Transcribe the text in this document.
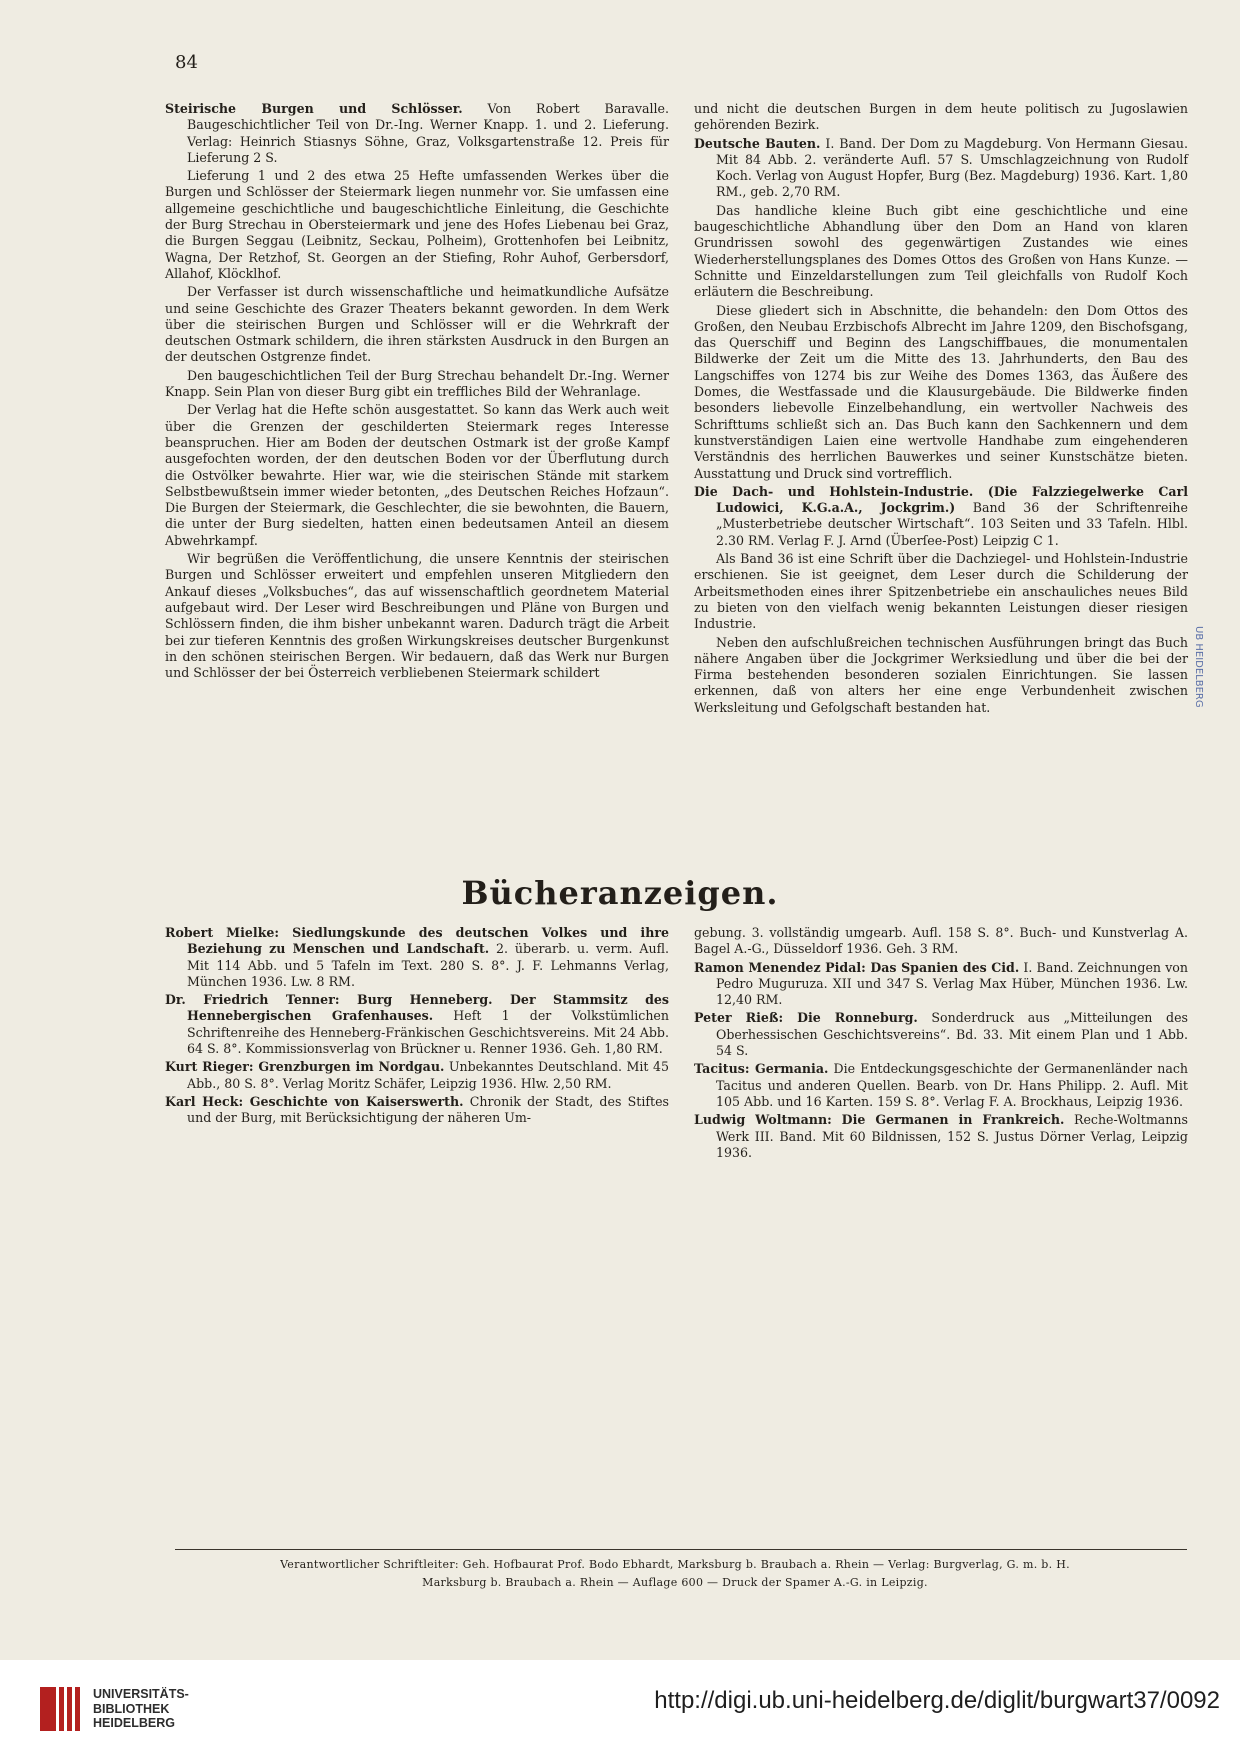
84

Steirische Burgen und Schlösser. Von Robert Baravalle. Baugeschichtlicher Teil von Dr.-Ing. Werner Knapp. 1. und 2. Lieferung. Verlag: Heinrich Stiasnys Söhne, Graz, Volksgartenstraße 12. Preis für Lieferung 2 S.

Lieferung 1 und 2 des etwa 25 Hefte umfassenden Werkes über die Burgen und Schlösser der Steiermark liegen nunmehr vor. Sie umfassen eine allgemeine geschichtliche und baugeschichtliche Einleitung, die Geschichte der Burg Strechau in Obersteiermark und jene des Hofes Liebenau bei Graz, die Burgen Seggau (Leibnitz, Seckau, Polheim), Grottenhofen bei Leibnitz, Wagna, Der Retzhof, St. Georgen an der Stiefing, Rohr Auhof, Gerbersdorf, Allahof, Klöcklhof.

Der Verfasser ist durch wissenschaftliche und heimatkundliche Aufsätze und seine Geschichte des Grazer Theaters bekannt geworden. In dem Werk über die steirischen Burgen und Schlösser will er die Wehrkraft der deutschen Ostmark schildern, die ihren stärksten Ausdruck in den Burgen an der deutschen Ostgrenze findet.

Den baugeschichtlichen Teil der Burg Strechau behandelt Dr.-Ing. Werner Knapp. Sein Plan von dieser Burg gibt ein treffliches Bild der Wehranlage.

Der Verlag hat die Hefte schön ausgestattet. So kann das Werk auch weit über die Grenzen der geschilderten Steiermark reges Interesse beanspruchen. Hier am Boden der deutschen Ostmark ist der große Kampf ausgefochten worden, der den deutschen Boden vor der Überflutung durch die Ostvölker bewahrte. Hier war, wie die steirischen Stände mit starkem Selbstbewußtsein immer wieder betonten, „des Deutschen Reiches Hofzaun“. Die Burgen der Steiermark, die Geschlechter, die sie bewohnten, die Bauern, die unter der Burg siedelten, hatten einen bedeutsamen Anteil an diesem Abwehrkampf.

Wir begrüßen die Veröffentlichung, die unsere Kenntnis der steirischen Burgen und Schlösser erweitert und empfehlen unseren Mitgliedern den Ankauf dieses „Volksbuches“, das auf wissenschaftlich geordnetem Material aufgebaut wird. Der Leser wird Beschreibungen und Pläne von Burgen und Schlössern finden, die ihm bisher unbekannt waren. Dadurch trägt die Arbeit bei zur tieferen Kenntnis des großen Wirkungskreises deutscher Burgenkunst in den schönen steirischen Bergen. Wir bedauern, daß das Werk nur Burgen und Schlösser der bei Österreich verbliebenen Steiermark schildert

und nicht die deutschen Burgen in dem heute politisch zu Jugoslawien gehörenden Bezirk.

Deutsche Bauten. I. Band. Der Dom zu Magdeburg. Von Hermann Giesau. Mit 84 Abb. 2. veränderte Aufl. 57 S. Umschlagzeichnung von Rudolf Koch. Verlag von August Hopfer, Burg (Bez. Magdeburg) 1936. Kart. 1,80 RM., geb. 2,70 RM.

Das handliche kleine Buch gibt eine geschichtliche und eine baugeschichtliche Abhandlung über den Dom an Hand von klaren Grundrissen sowohl des gegenwärtigen Zustandes wie eines Wiederherstellungsplanes des Domes Ottos des Großen von Hans Kunze. — Schnitte und Einzeldarstellungen zum Teil gleichfalls von Rudolf Koch erläutern die Beschreibung.

Diese gliedert sich in Abschnitte, die behandeln: den Dom Ottos des Großen, den Neubau Erzbischofs Albrecht im Jahre 1209, den Bischofsgang, das Querschiff und Beginn des Langschiffbaues, die monumentalen Bildwerke der Zeit um die Mitte des 13. Jahrhunderts, den Bau des Langschiffes von 1274 bis zur Weihe des Domes 1363, das Äußere des Domes, die Westfassade und die Klausurgebäude. Die Bildwerke finden besonders liebevolle Einzelbehandlung, ein wertvoller Nachweis des Schrifttums schließt sich an. Das Buch kann den Sachkennern und dem kunstverständigen Laien eine wertvolle Handhabe zum eingehenderen Verständnis des herrlichen Bauwerkes und seiner Kunstschätze bieten. Ausstattung und Druck sind vortrefflich.

Die Dach- und Hohlstein-Industrie. (Die Falzziegelwerke Carl Ludowici, K.G.a.A., Jockgrim.) Band 36 der Schriftenreihe „Musterbetriebe deutscher Wirtschaft“. 103 Seiten und 33 Tafeln. Hlbl. 2.30 RM. Verlag F. J. Arnd (Überſee-Post) Leipzig C 1.

Als Band 36 ist eine Schrift über die Dachziegel- und Hohlstein-Industrie erschienen. Sie ist geeignet, dem Leser durch die Schilderung der Arbeitsmethoden eines ihrer Spitzenbetriebe ein anschauliches neues Bild zu bieten von den vielfach wenig bekannten Leistungen dieser riesigen Industrie.

Neben den aufschlußreichen technischen Ausführungen bringt das Buch nähere Angaben über die Jockgrimer Werksiedlung und über die bei der Firma bestehenden besonderen sozialen Einrichtungen. Sie lassen erkennen, daß von alters her eine enge Verbundenheit zwischen Werksleitung und Gefolgschaft bestanden hat.

Bücheranzeigen.

Robert Mielke: Siedlungskunde des deutschen Volkes und ihre Beziehung zu Menschen und Landschaft. 2. überarb. u. verm. Aufl. Mit 114 Abb. und 5 Tafeln im Text. 280 S. 8°. J. F. Lehmanns Verlag, München 1936. Lw. 8 RM.

Dr. Friedrich Tenner: Burg Henneberg. Der Stammsitz des Hennebergischen Grafenhauses. Heft 1 der Volkstümlichen Schriftenreihe des Henneberg-Fränkischen Geschichtsvereins. Mit 24 Abb. 64 S. 8°. Kommissionsverlag von Brückner u. Renner 1936. Geh. 1,80 RM.

Kurt Rieger: Grenzburgen im Nordgau. Unbekanntes Deutschland. Mit 45 Abb., 80 S. 8°. Verlag Moritz Schäfer, Leipzig 1936. Hlw. 2,50 RM.

Karl Heck: Geschichte von Kaiserswerth. Chronik der Stadt, des Stiftes und der Burg, mit Berücksichtigung der näheren Um-

gebung. 3. vollständig umgearb. Aufl. 158 S. 8°. Buch- und Kunstverlag A. Bagel A.-G., Düsseldorf 1936. Geh. 3 RM.

Ramon Menendez Pidal: Das Spanien des Cid. I. Band. Zeichnungen von Pedro Muguruza. XII und 347 S. Verlag Max Hüber, München 1936. Lw. 12,40 RM.

Peter Rieß: Die Ronneburg. Sonderdruck aus „Mitteilungen des Oberhessischen Geschichtsvereins“. Bd. 33. Mit einem Plan und 1 Abb. 54 S.

Tacitus: Germania. Die Entdeckungsgeschichte der Germanenländer nach Tacitus und anderen Quellen. Bearb. von Dr. Hans Philipp. 2. Aufl. Mit 105 Abb. und 16 Karten. 159 S. 8°. Verlag F. A. Brockhaus, Leipzig 1936.

Ludwig Woltmann: Die Germanen in Frankreich. Reche-Woltmanns Werk III. Band. Mit 60 Bildnissen, 152 S. Justus Dörner Verlag, Leipzig 1936.

Verantwortlicher Schriftleiter: Geh. Hofbaurat Prof. Bodo Ebhardt, Marksburg b. Braubach a. Rhein — Verlag: Burgverlag, G. m. b. H.
Marksburg b. Braubach a. Rhein — Auflage 600 — Druck der Spamer A.-G. in Leipzig.
UB HEIDELBERG
UNIVERSITÄTS-
BIBLIOTHEK
HEIDELBERG
http://digi.ub.uni-heidelberg.de/diglit/burgwart37/0092
